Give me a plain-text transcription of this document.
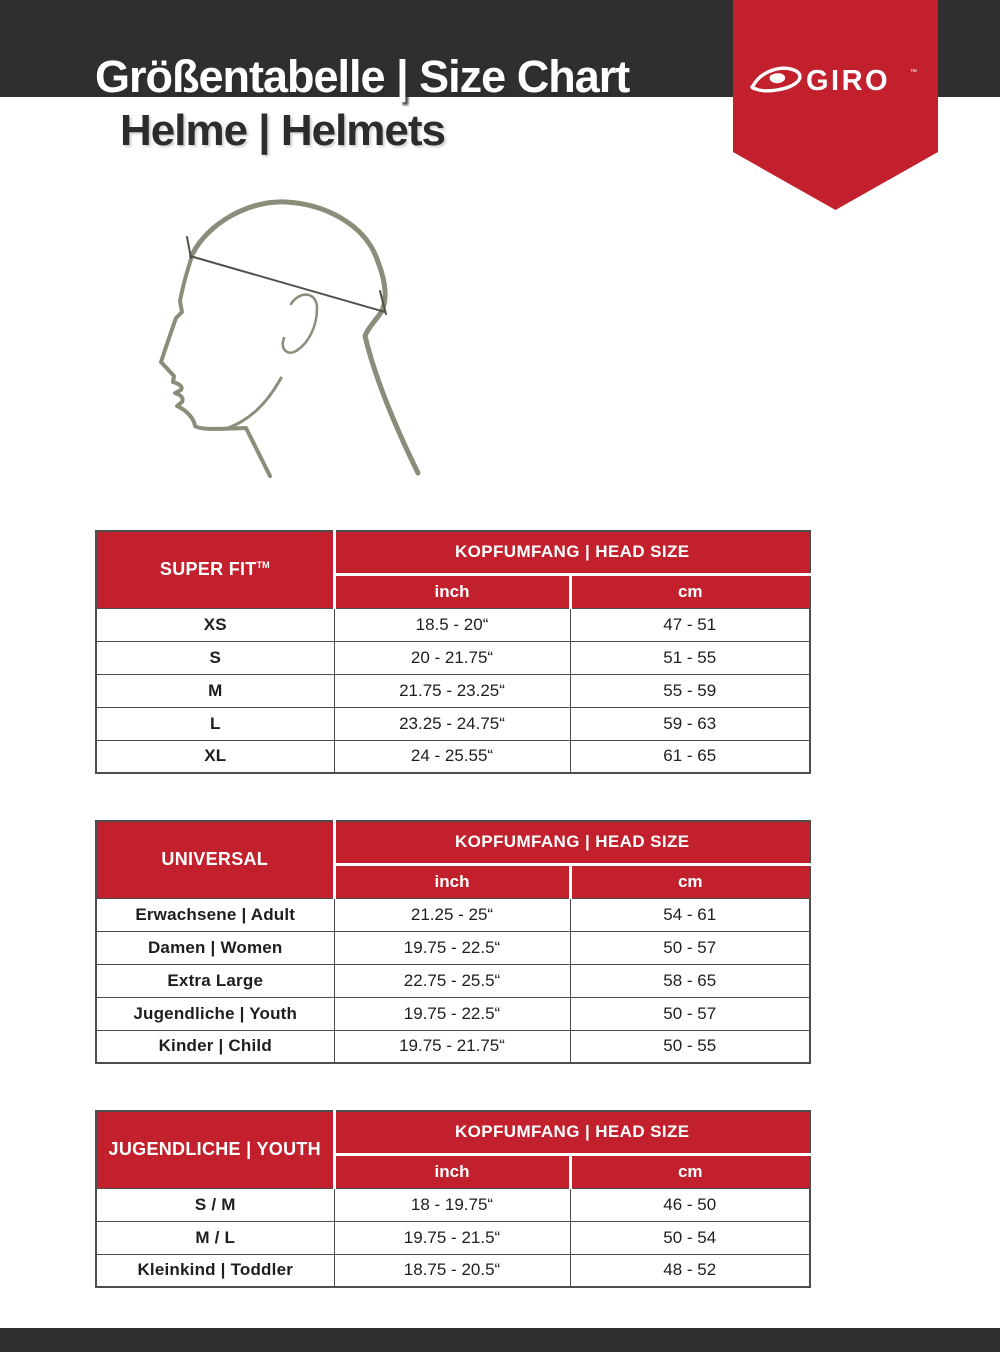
Größentabelle | Size Chart
Helme | Helmets
GIRO	™
SUPER FIT™	KOPFUMFANG | HEAD SIZE	
	inch	cm
XS	18.5 - 20“	47 - 51
S	20 - 21.75“	51 - 55
M	21.75 - 23.25“	55 - 59
L	23.25 - 24.75“	59 - 63
XL	24 - 25.55“	61 - 65
UNIVERSAL	KOPFUMFANG | HEAD SIZE	
	inch	cm
Erwachsene | Adult	21.25 - 25“	54 - 61
Damen | Women	19.75 - 22.5“	50 - 57
Extra Large	22.75 - 25.5“	58 - 65
Jugendliche | Youth	19.75 - 22.5“	50 - 57
Kinder | Child	19.75 - 21.75“	50 - 55
JUGENDLICHE | YOUTH	KOPFUMFANG | HEAD SIZE	
	inch	cm
S / M	18 - 19.75“	46 - 50
M / L	19.75 - 21.5“	50 - 54
Kleinkind | Toddler	18.75 - 20.5“	48 - 52
